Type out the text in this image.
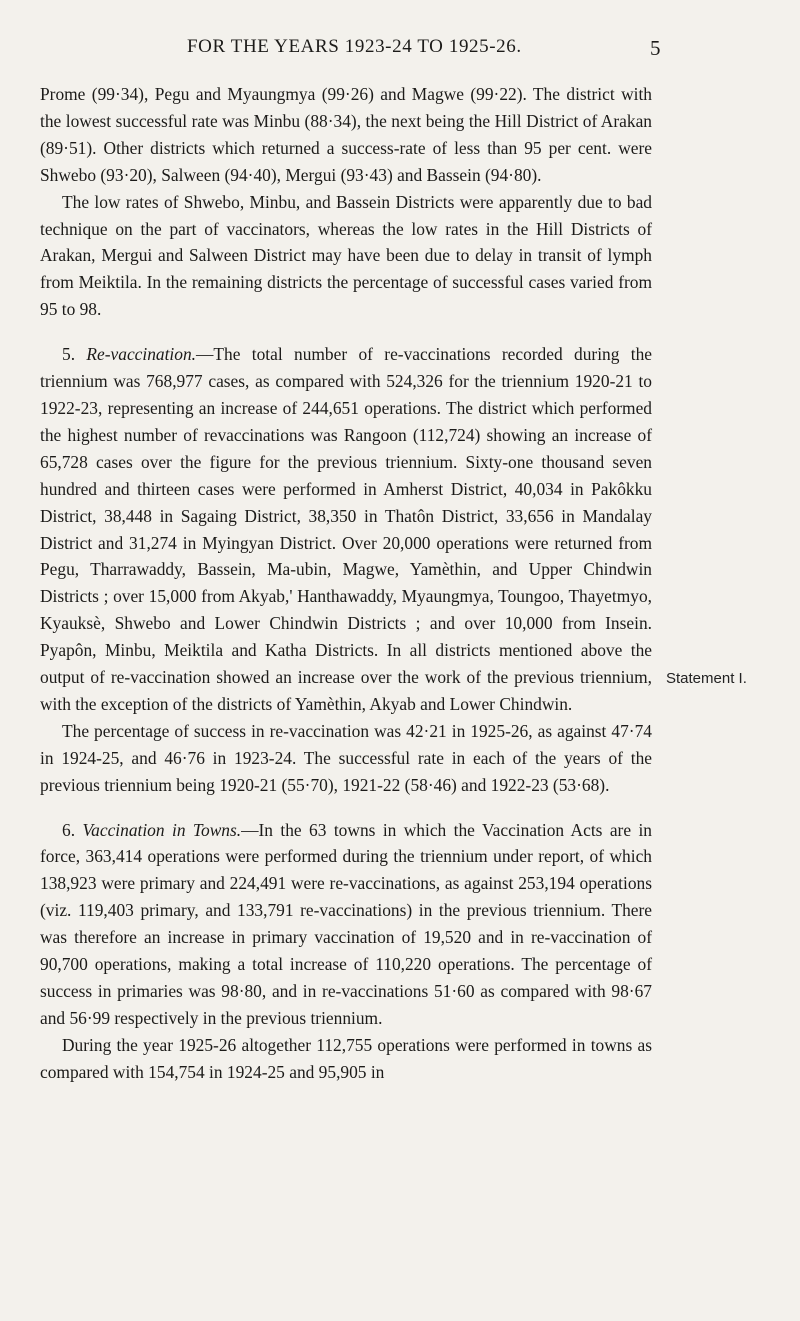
FOR THE YEARS 1923-24 TO 1925-26.	5

Prome (99·34), Pegu and Myaungmya (99·26) and Magwe (99·22). The district with the lowest successful rate was Minbu (88·34), the next being the Hill District of Arakan (89·51). Other districts which returned a success-rate of less than 95 per cent. were Shwebo (93·20), Salween (94·40), Mergui (93·43) and Bassein (94·80).

The low rates of Shwebo, Minbu, and Bassein Districts were apparently due to bad technique on the part of vaccinators, whereas the low rates in the Hill Districts of Arakan, Mergui and Salween District may have been due to delay in transit of lymph from Meiktila. In the remaining districts the percentage of successful cases varied from 95 to 98.

5. Re-vaccination.—The total number of re-vaccinations recorded during the triennium was 768,977 cases, as compared with 524,326 for the triennium 1920-21 to 1922-23, representing an increase of 244,651 operations. The district which performed the highest number of revaccinations was Rangoon (112,724) showing an increase of 65,728 cases over the figure for the previous triennium. Sixty-one thousand seven hundred and thirteen cases were performed in Amherst District, 40,034 in Pakôkku District, 38,448 in Sagaing District, 38,350 in Thatôn District, 33,656 in Mandalay District and 31,274 in Myingyan District. Over 20,000 operations were returned from Pegu, Tharrawaddy, Bassein, Ma-ubin, Magwe, Yamèthin, and Upper Chindwin Districts ; over 15,000 from Akyab,' Hanthawaddy, Myaungmya, Toungoo, Thayetmyo, Kyauksè, Shwebo and Lower Chindwin Districts ; and over 10,000 from Insein. Pyapôn, Minbu, Meiktila and Katha Districts. In all districts mentioned above the output of re-vaccination showed an increase over the work of the previous triennium, with the exception of the districts of Yamèthin, Akyab and Lower Chindwin.

The percentage of success in re-vaccination was 42·21 in 1925-26, as against 47·74 in 1924-25, and 46·76 in 1923-24. The successful rate in each of the years of the previous triennium being 1920-21 (55·70), 1921-22 (58·46) and 1922-23 (53·68).

6. Vaccination in Towns.—In the 63 towns in which the Vaccination Acts are in force, 363,414 operations were performed during the triennium under report, of which 138,923 were primary and 224,491 were re-vaccinations, as against 253,194 operations (viz. 119,403 primary, and 133,791 re-vaccinations) in the previous triennium. There was therefore an increase in primary vaccination of 19,520 and in re-vaccination of 90,700 operations, making a total increase of 110,220 operations. The percentage of success in primaries was 98·80, and in re-vaccinations 51·60 as compared with 98·67 and 56·99 respectively in the previous triennium.

During the year 1925-26 altogether 112,755 operations were performed in towns as compared with 154,754 in 1924-25 and 95,905 in

Statement I.
